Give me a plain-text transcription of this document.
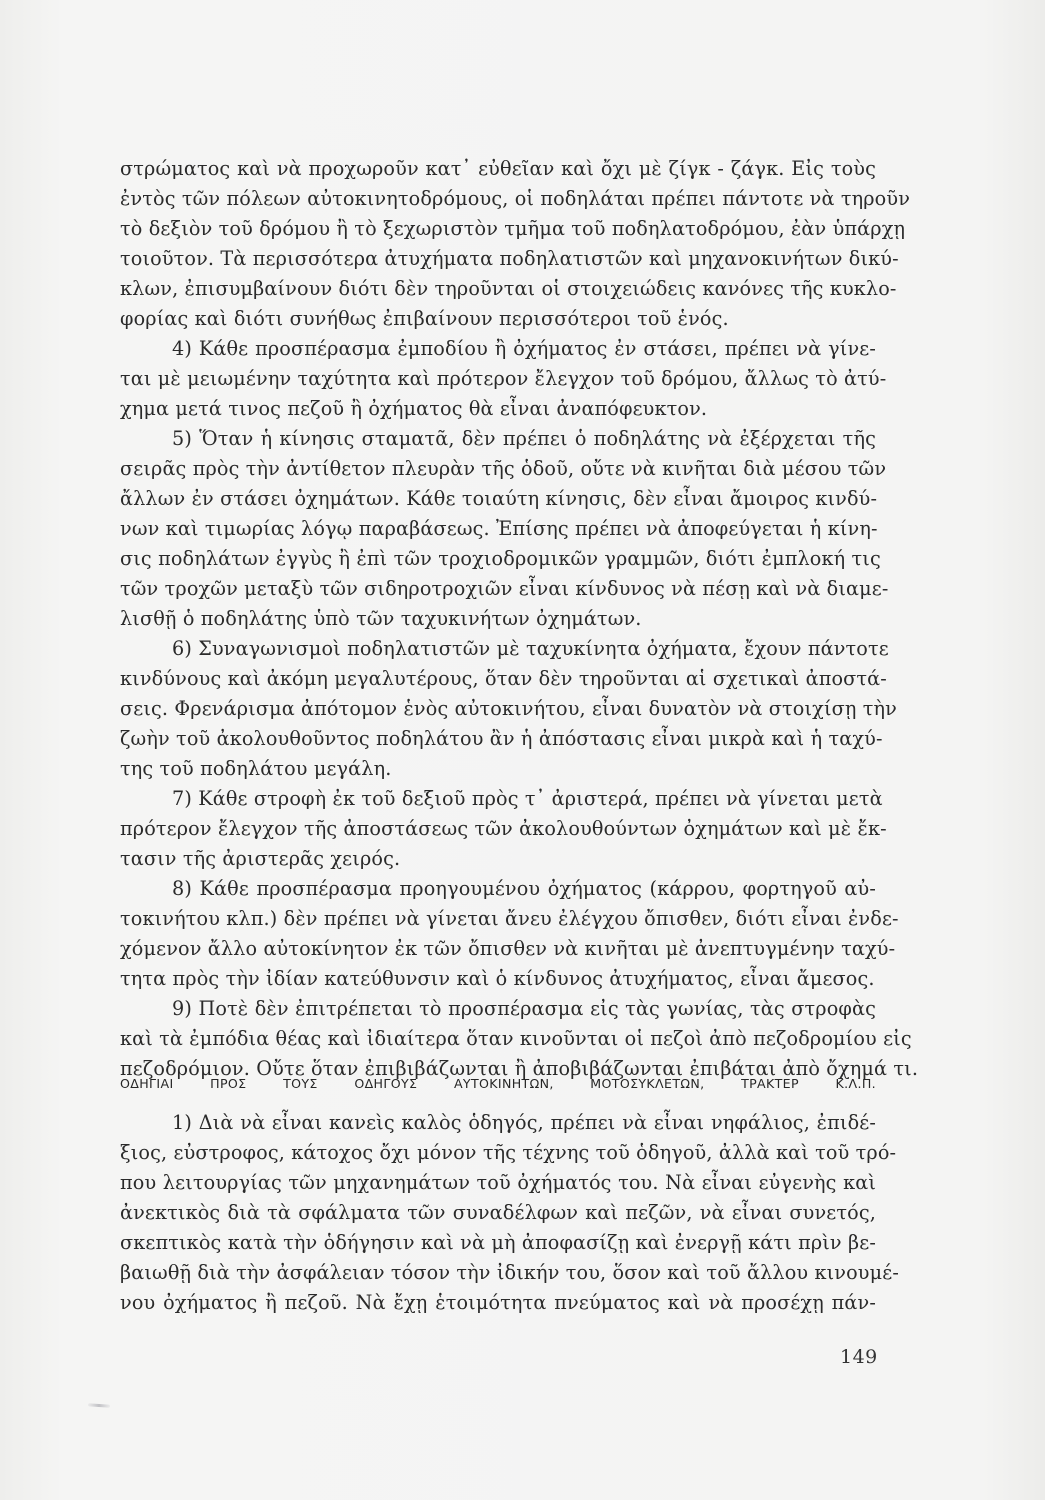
στρώματος καὶ νὰ προχωροῦν κατ᾽ εὐθεῖαν καὶ ὄχι μὲ ζίγκ - ζάγκ. Εἰς τοὺς
ἐντὸς τῶν πόλεων αὐτοκινητοδρόμους, οἱ ποδηλάται πρέπει πάντοτε νὰ τηροῦν
τὸ δεξιὸν τοῦ δρόμου ἢ τὸ ξεχωριστὸν τμῆμα τοῦ ποδηλατοδρόμου, ἐὰν ὑπάρχῃ
τοιοῦτον. Τὰ περισσότερα ἀτυχήματα ποδηλατιστῶν καὶ μηχανοκινήτων δικύ-
κλων, ἐπισυμβαίνουν διότι δὲν τηροῦνται οἱ στοιχειώδεις κανόνες τῆς κυκλο-
φορίας καὶ διότι συνήθως ἐπιβαίνουν περισσότεροι τοῦ ἑνός.
4) Κάθε προσπέρασμα ἐμποδίου ἢ ὀχήματος ἐν στάσει, πρέπει νὰ γίνε-
ται μὲ μειωμένην ταχύτητα καὶ πρότερον ἔλεγχον τοῦ δρόμου, ἄλλως τὸ ἀτύ-
χημα μετά τινος πεζοῦ ἢ ὀχήματος θὰ εἶναι ἀναπόφευκτον.
5) Ὅταν ἡ κίνησις σταματᾶ, δὲν πρέπει ὁ ποδηλάτης νὰ ἐξέρχεται τῆς
σειρᾶς πρὸς τὴν ἀντίθετον πλευρὰν τῆς ὁδοῦ, οὔτε νὰ κινῆται διὰ μέσου τῶν
ἄλλων ἐν στάσει ὀχημάτων. Κάθε τοιαύτη κίνησις, δὲν εἶναι ἄμοιρος κινδύ-
νων καὶ τιμωρίας λόγῳ παραβάσεως. Ἐπίσης πρέπει νὰ ἀποφεύγεται ἡ κίνη-
σις ποδηλάτων ἐγγὺς ἢ ἐπὶ τῶν τροχιοδρομικῶν γραμμῶν, διότι ἐμπλοκή τις
τῶν τροχῶν μεταξὺ τῶν σιδηροτροχιῶν εἶναι κίνδυνος νὰ πέσῃ καὶ νὰ διαμε-
λισθῇ ὁ ποδηλάτης ὑπὸ τῶν ταχυκινήτων ὀχημάτων.
6) Συναγωνισμοὶ ποδηλατιστῶν μὲ ταχυκίνητα ὀχήματα, ἔχουν πάντοτε
κινδύνους καὶ ἀκόμη μεγαλυτέρους, ὅταν δὲν τηροῦνται αἱ σχετικαὶ ἀποστά-
σεις. Φρενάρισμα ἀπότομον ἑνὸς αὐτοκινήτου, εἶναι δυνατὸν νὰ στοιχίσῃ τὴν
ζωὴν τοῦ ἀκολουθοῦντος ποδηλάτου ἂν ἡ ἀπόστασις εἶναι μικρὰ καὶ ἡ ταχύ-
της τοῦ ποδηλάτου μεγάλη.
7) Κάθε στροφὴ ἐκ τοῦ δεξιοῦ πρὸς τ᾽ ἀριστερά, πρέπει νὰ γίνεται μετὰ
πρότερον ἔλεγχον τῆς ἀποστάσεως τῶν ἀκολουθούντων ὀχημάτων καὶ μὲ ἔκ-
τασιν τῆς ἀριστερᾶς χειρός.
8) Κάθε προσπέρασμα προηγουμένου ὀχήματος (κάρρου, φορτηγοῦ αὐ-
τοκινήτου κλπ.) δὲν πρέπει νὰ γίνεται ἄνευ ἐλέγχου ὄπισθεν, διότι εἶναι ἐνδε-
χόμενον ἄλλο αὐτοκίνητον ἐκ τῶν ὄπισθεν νὰ κινῆται μὲ ἀνεπτυγμένην ταχύ-
τητα πρὸς τὴν ἰδίαν κατεύθυνσιν καὶ ὁ κίνδυνος ἀτυχήματος, εἶναι ἄμεσος.
9) Ποτὲ δὲν ἐπιτρέπεται τὸ προσπέρασμα εἰς τὰς γωνίας, τὰς στροφὰς
καὶ τὰ ἐμπόδια θέας καὶ ἰδιαίτερα ὅταν κινοῦνται οἱ πεζοὶ ἀπὸ πεζοδρομίου εἰς
πεζοδρόμιον. Οὔτε ὅταν ἐπιβιβάζωνται ἢ ἀποβιβάζωνται ἐπιβάται ἀπὸ ὄχημά τι.
ΟΔΗΓΙΑΙ ΠΡΟΣ ΤΟΥΣ ΟΔΗΓΟΥΣ ΑΥΤΟΚΙΝΗΤΩΝ, ΜΟΤΟΣΥΚΛΕΤΩΝ, ΤΡΑΚΤΕΡ Κ.Λ.Π.
1) Διὰ νὰ εἶναι κανεὶς καλὸς ὁδηγός, πρέπει νὰ εἶναι νηφάλιος, ἐπιδέ-
ξιος, εὐστροφος, κάτοχος ὄχι μόνον τῆς τέχνης τοῦ ὁδηγοῦ, ἀλλὰ καὶ τοῦ τρό-
που λειτουργίας τῶν μηχανημάτων τοῦ ὀχήματός του. Νὰ εἶναι εὐγενὴς καὶ
ἀνεκτικὸς διὰ τὰ σφάλματα τῶν συναδέλφων καὶ πεζῶν, νὰ εἶναι συνετός,
σκεπτικὸς κατὰ τὴν ὁδήγησιν καὶ νὰ μὴ ἀποφασίζῃ καὶ ἐνεργῇ κάτι πρὶν βε-
βαιωθῇ διὰ τὴν ἀσφάλειαν τόσον τὴν ἰδικήν του, ὅσον καὶ τοῦ ἄλλου κινουμέ-
νου ὀχήματος ἢ πεζοῦ. Νὰ ἔχῃ ἑτοιμότητα πνεύματος καὶ νὰ προσέχῃ πάν-
149
